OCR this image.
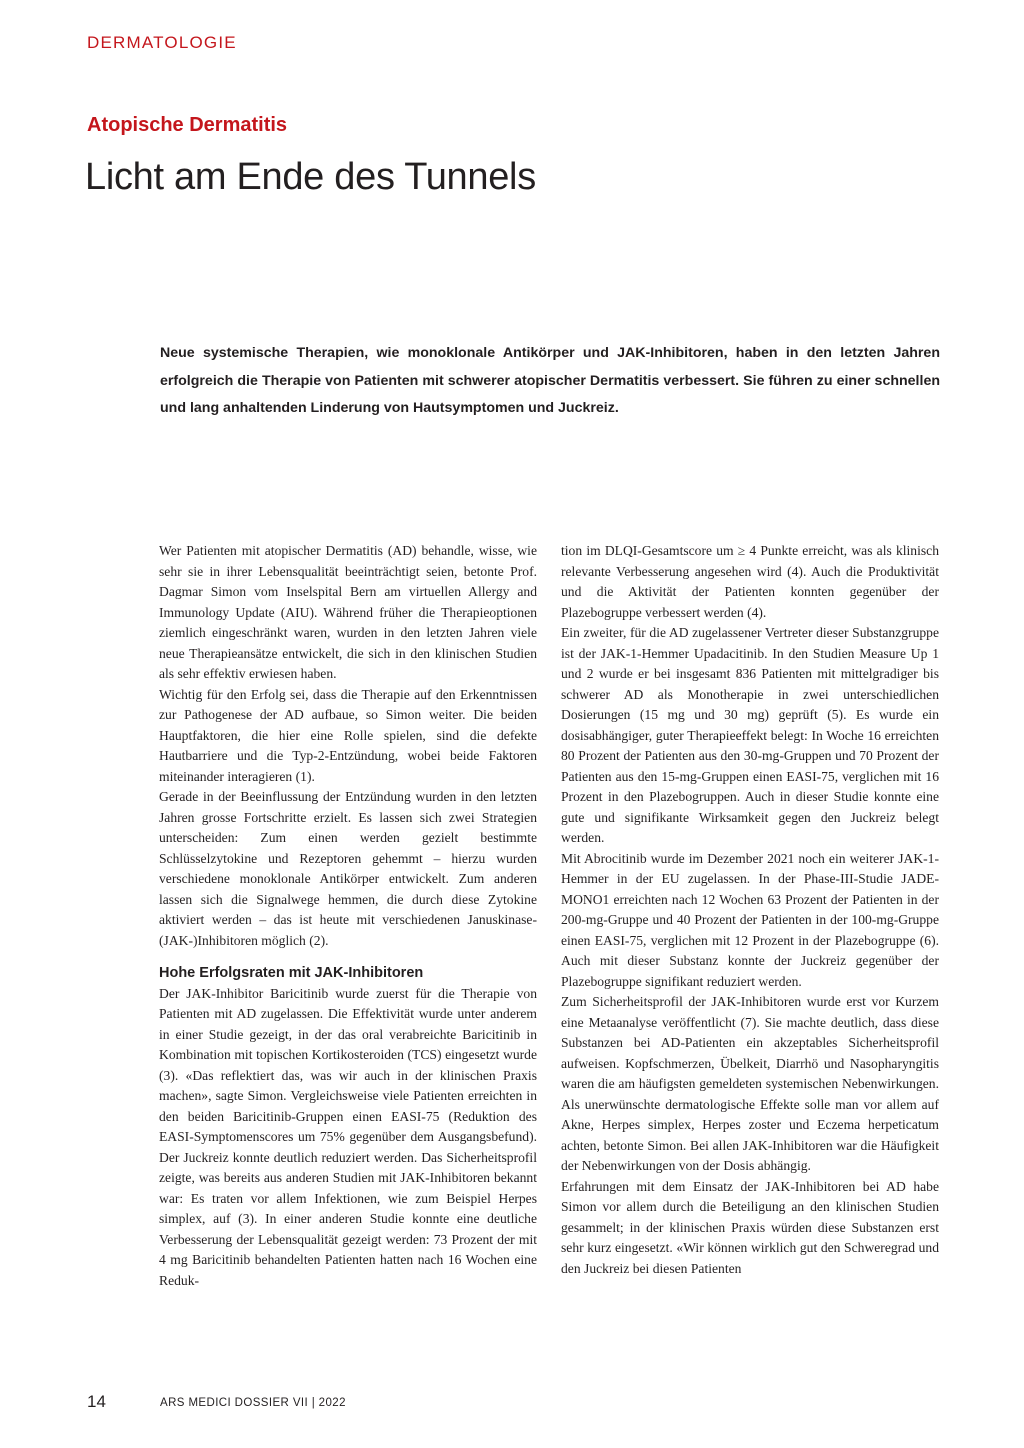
DERMATOLOGIE
Atopische Dermatitis
Licht am Ende des Tunnels

Neue systemische Therapien, wie monoklonale Antikörper und JAK-Inhibitoren, haben in den letzten Jahren erfolgreich die Therapie von Patienten mit schwerer atopischer Dermatitis verbessert. Sie führen zu einer schnellen und lang anhaltenden Linderung von Hautsymptomen und Juckreiz.

Wer Patienten mit atopischer Dermatitis (AD) behandle, wisse, wie sehr sie in ihrer Lebensqualität beeinträchtigt seien, betonte Prof. Dagmar Simon vom Inselspital Bern am virtuellen Allergy and Immunology Update (AIU). Während früher die Therapieoptionen ziemlich eingeschränkt waren, wurden in den letzten Jahren viele neue Therapieansätze entwickelt, die sich in den klinischen Studien als sehr effektiv erwiesen haben.

Wichtig für den Erfolg sei, dass die Therapie auf den Erkenntnissen zur Pathogenese der AD aufbaue, so Simon weiter. Die beiden Hauptfaktoren, die hier eine Rolle spielen, sind die defekte Hautbarriere und die Typ-2-Entzündung, wobei beide Faktoren miteinander interagieren (1).

Gerade in der Beeinflussung der Entzündung wurden in den letzten Jahren grosse Fortschritte erzielt. Es lassen sich zwei Strategien unterscheiden: Zum einen werden gezielt bestimmte Schlüsselzytokine und Rezeptoren gehemmt – hierzu wurden verschiedene monoklonale Antikörper entwickelt. Zum anderen lassen sich die Signalwege hemmen, die durch diese Zytokine aktiviert werden – das ist heute mit verschiedenen Januskinase-(JAK-)Inhibitoren möglich (2).

Hohe Erfolgsraten mit JAK-Inhibitoren

Der JAK-Inhibitor Baricitinib wurde zuerst für die Therapie von Patienten mit AD zugelassen. Die Effektivität wurde unter anderem in einer Studie gezeigt, in der das oral verabreichte Baricitinib in Kombination mit topischen Kortikosteroiden (TCS) eingesetzt wurde (3). «Das reflektiert das, was wir auch in der klinischen Praxis machen», sagte Simon. Vergleichsweise viele Patienten erreichten in den beiden Baricitinib-Gruppen einen EASI-75 (Reduktion des EASI-Symptomenscores um 75% gegenüber dem Ausgangsbefund). Der Juckreiz konnte deutlich reduziert werden. Das Sicherheitsprofil zeigte, was bereits aus anderen Studien mit JAK-Inhibitoren bekannt war: Es traten vor allem Infektionen, wie zum Beispiel Herpes simplex, auf (3). In einer anderen Studie konnte eine deutliche Verbesserung der Lebensqualität gezeigt werden: 73 Prozent der mit 4 mg Baricitinib behandelten Patienten hatten nach 16 Wochen eine Reduk-

tion im DLQI-Gesamtscore um ≥ 4 Punkte erreicht, was als klinisch relevante Verbesserung angesehen wird (4). Auch die Produktivität und die Aktivität der Patienten konnten gegenüber der Plazebogruppe verbessert werden (4).

Ein zweiter, für die AD zugelassener Vertreter dieser Substanzgruppe ist der JAK-1-Hemmer Upadacitinib. In den Studien Measure Up 1 und 2 wurde er bei insgesamt 836 Patienten mit mittelgradiger bis schwerer AD als Monotherapie in zwei unterschiedlichen Dosierungen (15 mg und 30 mg) geprüft (5). Es wurde ein dosisabhängiger, guter Therapieeffekt belegt: In Woche 16 erreichten 80 Prozent der Patienten aus den 30-mg-Gruppen und 70 Prozent der Patienten aus den 15-mg-Gruppen einen EASI-75, verglichen mit 16 Prozent in den Plazebogruppen. Auch in dieser Studie konnte eine gute und signifikante Wirksamkeit gegen den Juckreiz belegt werden.

Mit Abrocitinib wurde im Dezember 2021 noch ein weiterer JAK-1-Hemmer in der EU zugelassen. In der Phase-III-Studie JADE-MONO1 erreichten nach 12 Wochen 63 Prozent der Patienten in der 200-mg-Gruppe und 40 Prozent der Patienten in der 100-mg-Gruppe einen EASI-75, verglichen mit 12 Prozent in der Plazebogruppe (6). Auch mit dieser Substanz konnte der Juckreiz gegenüber der Plazebogruppe signifikant reduziert werden.

Zum Sicherheitsprofil der JAK-Inhibitoren wurde erst vor Kurzem eine Metaanalyse veröffentlicht (7). Sie machte deutlich, dass diese Substanzen bei AD-Patienten ein akzeptables Sicherheitsprofil aufweisen. Kopfschmerzen, Übelkeit, Diarrhö und Nasopharyngitis waren die am häufigsten gemeldeten systemischen Nebenwirkungen. Als unerwünschte dermatologische Effekte solle man vor allem auf Akne, Herpes simplex, Herpes zoster und Eczema herpeticatum achten, betonte Simon. Bei allen JAK-Inhibitoren war die Häufigkeit der Nebenwirkungen von der Dosis abhängig.

Erfahrungen mit dem Einsatz der JAK-Inhibitoren bei AD habe Simon vor allem durch die Beteiligung an den klinischen Studien gesammelt; in der klinischen Praxis würden diese Substanzen erst sehr kurz eingesetzt. «Wir können wirklich gut den Schweregrad und den Juckreiz bei diesen Patienten

14	ARS MEDICI DOSSIER VII | 2022
